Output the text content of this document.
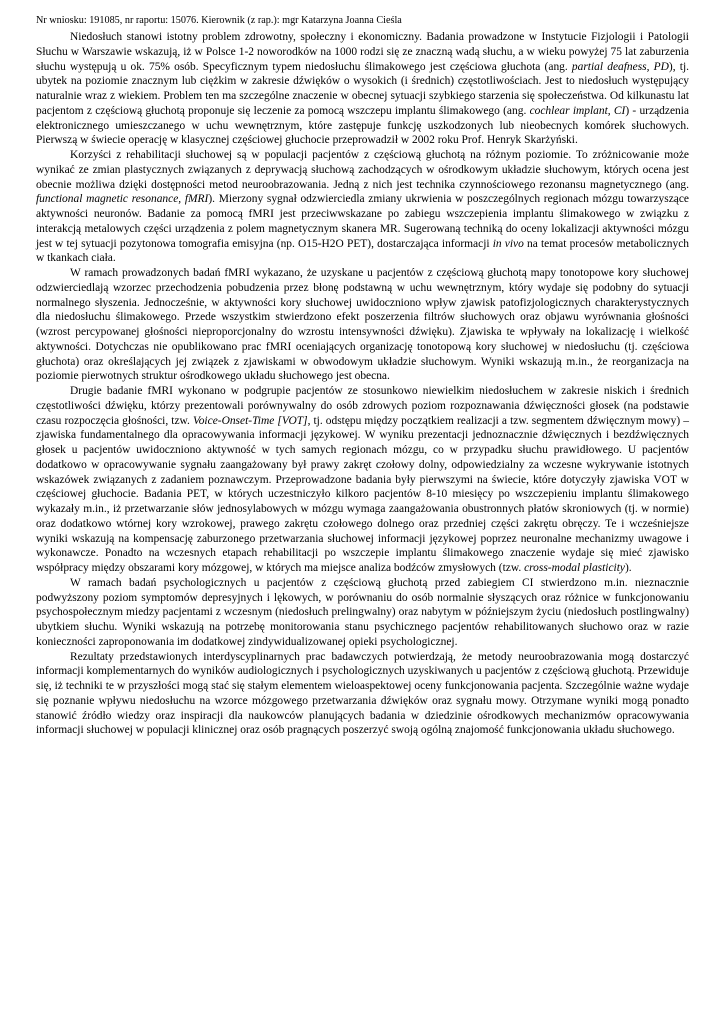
Nr wniosku: 191085, nr raportu: 15076. Kierownik (z rap.): mgr Katarzyna Joanna Cieśla

Niedosłuch stanowi istotny problem zdrowotny, społeczny i ekonomiczny. Badania prowadzone w Instytucie Fizjologii i Patologii Słuchu w Warszawie wskazują, iż w Polsce 1-2 noworodków na 1000 rodzi się ze znaczną wadą słuchu, a w wieku powyżej 75 lat zaburzenia słuchu występują u ok. 75% osób. Specyficznym typem niedosłuchu ślimakowego jest częściowa głuchota (ang. partial deafness, PD), tj. ubytek na poziomie znacznym lub ciężkim w zakresie dźwięków o wysokich (i średnich) częstotliwościach. Jest to niedosłuch występujący naturalnie wraz z wiekiem. Problem ten ma szczególne znaczenie w obecnej sytuacji szybkiego starzenia się społeczeństwa. Od kilkunastu lat pacjentom z częściową głuchotą proponuje się leczenie za pomocą wszczepu implantu ślimakowego (ang. cochlear implant, CI) - urządzenia elektronicznego umieszczanego w uchu wewnętrznym, które zastępuje funkcję uszkodzonych lub nieobecnych komórek słuchowych. Pierwszą w świecie operację w klasycznej częściowej głuchocie przeprowadził w 2002 roku Prof. Henryk Skarżyński.

Korzyści z rehabilitacji słuchowej są w populacji pacjentów z częściową głuchotą na różnym poziomie. To zróżnicowanie może wynikać ze zmian plastycznych związanych z deprywacją słuchową zachodzących w ośrodkowym układzie słuchowym, których ocena jest obecnie możliwa dzięki dostępności metod neuroobrazowania. Jedną z nich jest technika czynnościowego rezonansu magnetycznego (ang. functional magnetic resonance, fMRI). Mierzony sygnał odzwierciedla zmiany ukrwienia w poszczególnych regionach mózgu towarzyszące aktywności neuronów. Badanie za pomocą fMRI jest przeciwwskazane po zabiegu wszczepienia implantu ślimakowego w związku z interakcją metalowych części urządzenia z polem magnetycznym skanera MR. Sugerowaną techniką do oceny lokalizacji aktywności mózgu jest w tej sytuacji pozytonowa tomografia emisyjna (np. O15-H2O PET), dostarczająca informacji in vivo na temat procesów metabolicznych w tkankach ciała.

W ramach prowadzonych badań fMRI wykazano, że uzyskane u pacjentów z częściową głuchotą mapy tonotopowe kory słuchowej odzwierciedlają wzorzec przechodzenia pobudzenia przez błonę podstawną w uchu wewnętrznym, który wydaje się podobny do sytuacji normalnego słyszenia. Jednocześnie, w aktywności kory słuchowej uwidoczniono wpływ zjawisk patofizjologicznych charakterystycznych dla niedosłuchu ślimakowego. Przede wszystkim stwierdzono efekt poszerzenia filtrów słuchowych oraz objawu wyrównania głośności (wzrost percypowanej głośności nieproporcjonalny do wzrostu intensywności dźwięku). Zjawiska te wpływały na lokalizację i wielkość aktywności. Dotychczas nie opublikowano prac fMRI oceniających organizację tonotopową kory słuchowej w niedosłuchu (tj. częściowa głuchota) oraz określających jej związek z zjawiskami w obwodowym układzie słuchowym. Wyniki wskazują m.in., że reorganizacja na poziomie pierwotnych struktur ośrodkowego układu słuchowego jest obecna.

Drugie badanie fMRI wykonano w podgrupie pacjentów ze stosunkowo niewielkim niedosłuchem w zakresie niskich i średnich częstotliwości dźwięku, którzy prezentowali porównywalny do osób zdrowych poziom rozpoznawania dźwięczności głosek (na podstawie czasu rozpoczęcia głośności, tzw. Voice-Onset-Time [VOT], tj. odstępu między początkiem realizacji a tzw. segmentem dźwięcznym mowy) – zjawiska fundamentalnego dla opracowywania informacji językowej. W wyniku prezentacji jednoznacznie dźwięcznych i bezdźwięcznych głosek u pacjentów uwidoczniono aktywność w tych samych regionach mózgu, co w przypadku słuchu prawidłowego. U pacjentów dodatkowo w opracowywanie sygnału zaangażowany był prawy zakręt czołowy dolny, odpowiedzialny za wczesne wykrywanie istotnych wskazówek związanych z zadaniem poznawczym. Przeprowadzone badania były pierwszymi na świecie, które dotyczyły zjawiska VOT w częściowej głuchocie. Badania PET, w których uczestniczyło kilkoro pacjentów 8-10 miesięcy po wszczepieniu implantu ślimakowego wykazały m.in., iż przetwarzanie słów jednosylabowych w mózgu wymaga zaangażowania obustronnych płatów skroniowych (tj. w normie) oraz dodatkowo wtórnej kory wzrokowej, prawego zakrętu czołowego dolnego oraz przedniej części zakrętu obręczy. Te i wcześniejsze wyniki wskazują na kompensację zaburzonego przetwarzania słuchowej informacji językowej poprzez neuronalne mechanizmy uwagowe i wykonawcze. Ponadto na wczesnych etapach rehabilitacji po wszczepie implantu ślimakowego znaczenie wydaje się mieć zjawisko współpracy między obszarami kory mózgowej, w których ma miejsce analiza bodźców zmysłowych (tzw. cross-modal plasticity).

W ramach badań psychologicznych u pacjentów z częściową głuchotą przed zabiegiem CI stwierdzono m.in. nieznacznie podwyższony poziom symptomów depresyjnych i lękowych, w porównaniu do osób normalnie słyszących oraz różnice w funkcjonowaniu psychospołecznym miedzy pacjentami z wczesnym (niedosłuch prelingwalny) oraz nabytym w późniejszym życiu (niedosłuch postlingwalny) ubytkiem słuchu. Wyniki wskazują na potrzebę monitorowania stanu psychicznego pacjentów rehabilitowanych słuchowo oraz w razie konieczności zaproponowania im dodatkowej zindywidualizowanej opieki psychologicznej.

Rezultaty przedstawionych interdyscyplinarnych prac badawczych potwierdzają, że metody neuroobrazowania mogą dostarczyć informacji komplementarnych do wyników audiologicznych i psychologicznych uzyskiwanych u pacjentów z częściową głuchotą. Przewiduje się, iż techniki te w przyszłości mogą stać się stałym elementem wieloaspektowej oceny funkcjonowania pacjenta. Szczególnie ważne wydaje się poznanie wpływu niedosłuchu na wzorce mózgowego przetwarzania dźwięków oraz sygnału mowy. Otrzymane wyniki mogą ponadto stanowić źródło wiedzy oraz inspiracji dla naukowców planujących badania w dziedzinie ośrodkowych mechanizmów opracowywania informacji słuchowej w populacji klinicznej oraz osób pragnących poszerzyć swoją ogólną znajomość funkcjonowania układu słuchowego.
